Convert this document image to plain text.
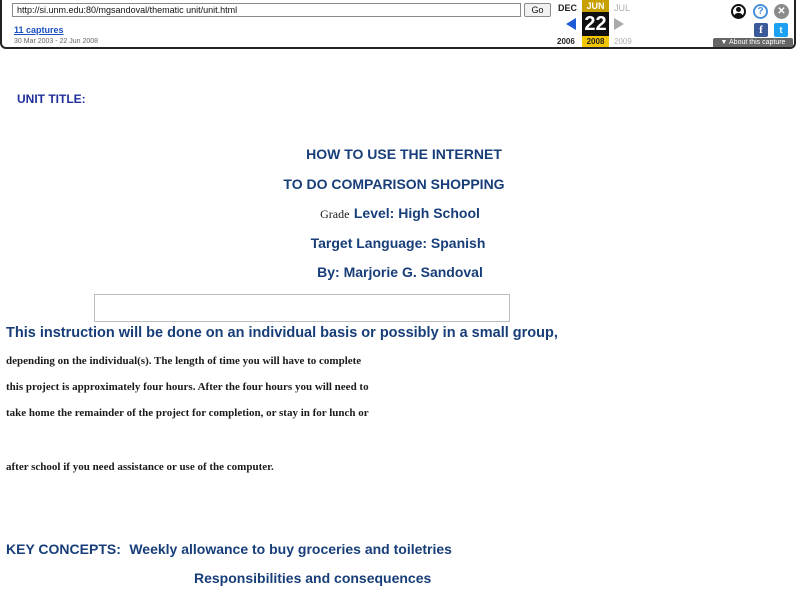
http://si.unm.edu:80/mgsandoval/thematic unit/unit.html
Go
11 captures
30 Mar 2003 - 22 Jun 2008
DEC
2006
JUN
22
2008
JUL
2009
?	✕
f	t
▼ About this capture
UNIT TITLE:
HOW TO USE THE INTERNET
TO DO COMPARISON SHOPPING
Grade Level: High School
Target Language: Spanish
By: Marjorie G. Sandoval
This instruction will be done on an individual basis or possibly in a small group,
depending on the individual(s). The length of time you will have to complete
this project is approximately four hours. After the four hours you will need to
take home the remainder of the project for completion, or stay in for lunch or
after school if you need assistance or use of the computer.
KEY CONCEPTS: Weekly allowance to buy groceries and toiletries
Responsibilities and consequences
